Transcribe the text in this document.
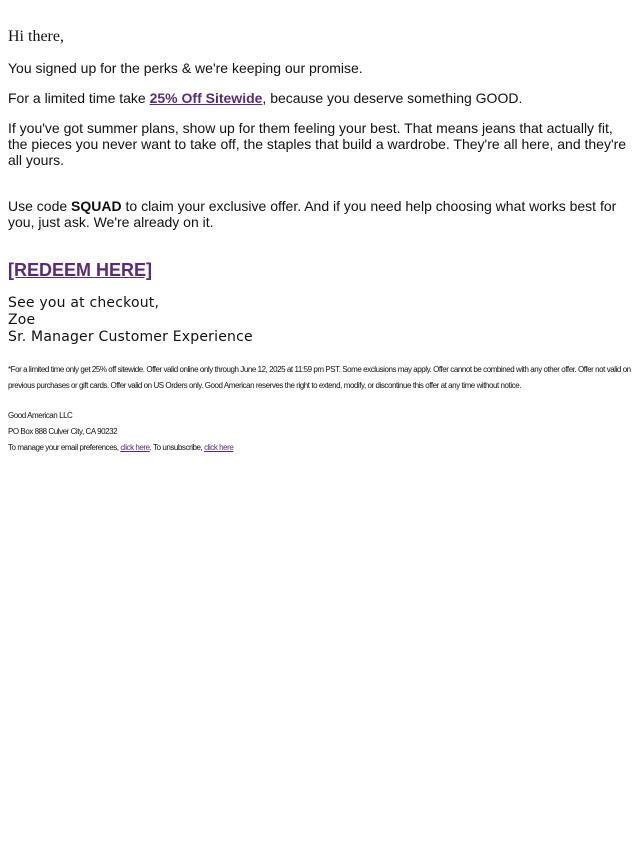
Hi there,

You signed up for the perks & we're keeping our promise.

For a limited time take 25% Off Sitewide, because you deserve something GOOD.

If you've got summer plans, show up for them feeling your best. That means jeans that actually fit, the pieces you never want to take off, the staples that build a wardrobe. They're all here, and they're all yours.

Use code SQUAD to claim your exclusive offer. And if you need help choosing what works best for you, just ask. We're already on it.

[REDEEM HERE]
See you at checkout,
Zoe
Sr. Manager Customer Experience

*For a limited time only get 25% off sitewide. Offer valid online only through June 12, 2025 at 11:59 pm PST. Some exclusions may apply. Offer cannot be combined with any other offer. Offer not valid on previous purchases or gift cards. Offer valid on US Orders only. Good American reserves the right to extend, modify, or discontinue this offer at any time without notice.

Good American LLC

PO Box 888 Culver City, CA 90232

To manage your email preferences, click here. To unsubscribe, click here
